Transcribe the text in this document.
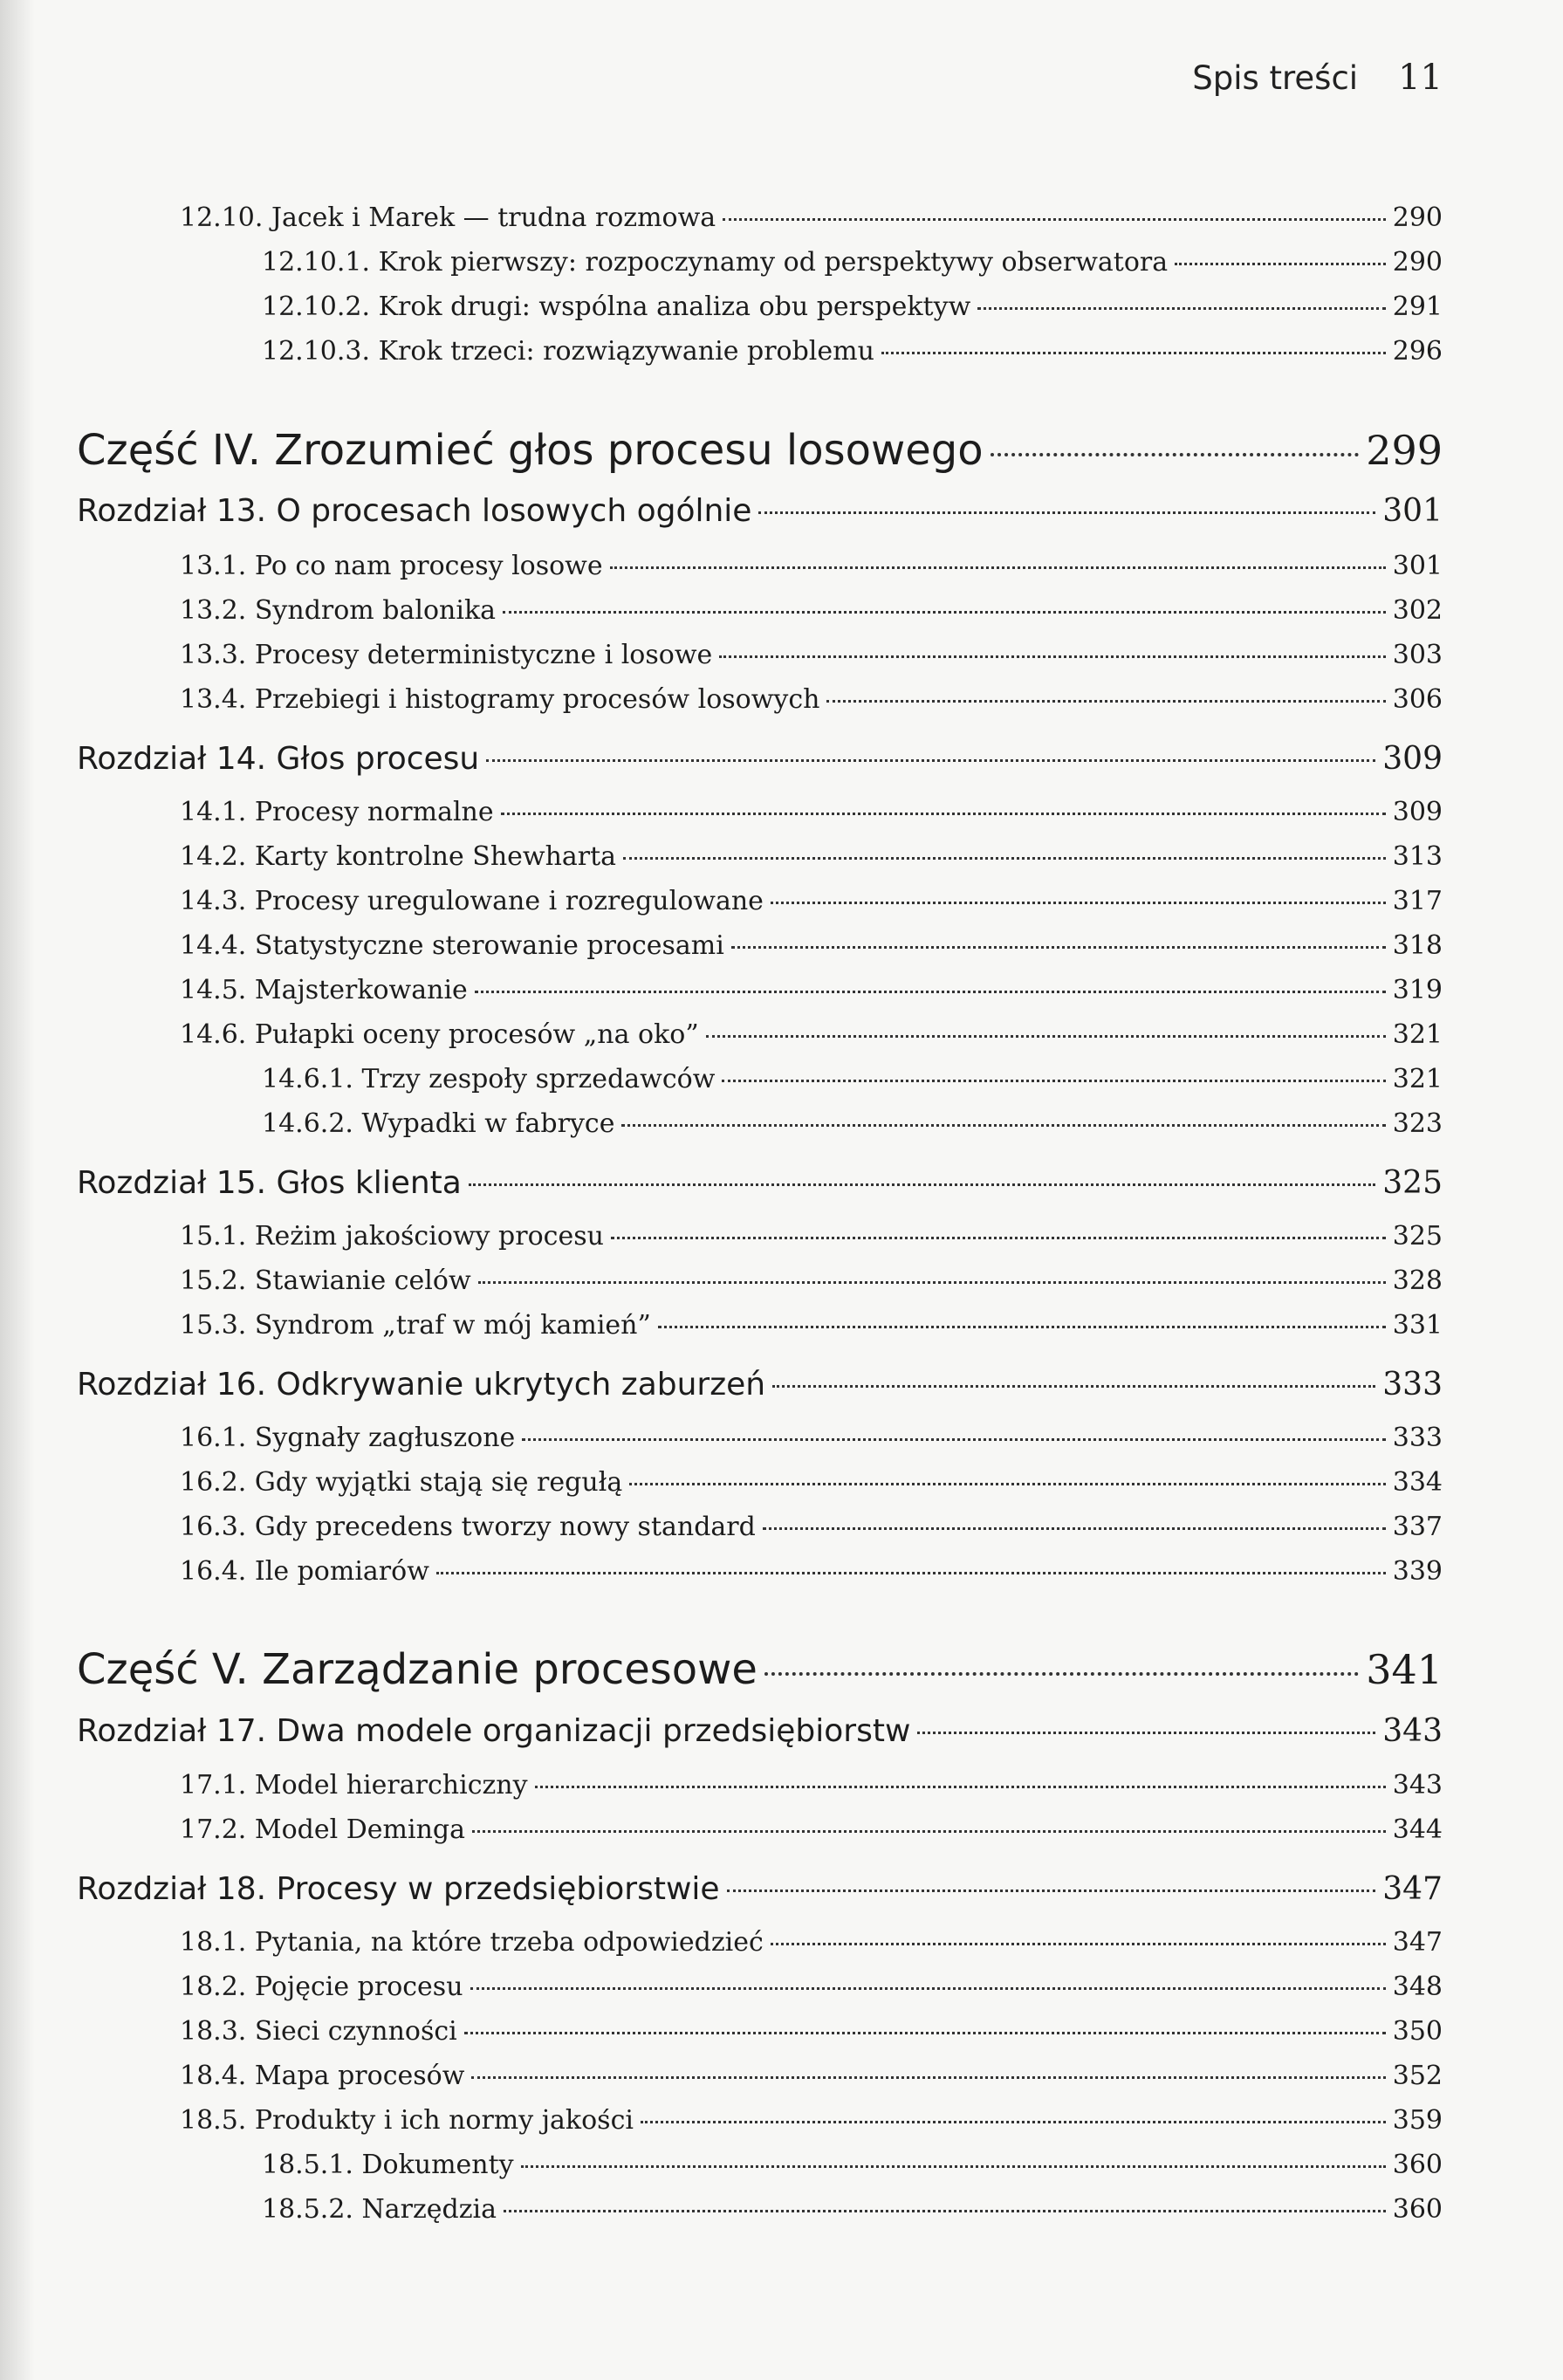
Spis treści 11
12.10. Jacek i Marek — trudna rozmowa	290
12.10.1. Krok pierwszy: rozpoczynamy od perspektywy obserwatora	290
12.10.2. Krok drugi: wspólna analiza obu perspektyw	291
12.10.3. Krok trzeci: rozwiązywanie problemu	296
Część IV. Zrozumieć głos procesu losowego	299
Rozdział 13. O procesach losowych ogólnie	301
13.1. Po co nam procesy losowe	301
13.2. Syndrom balonika	302
13.3. Procesy deterministyczne i losowe	303
13.4. Przebiegi i histogramy procesów losowych	306
Rozdział 14. Głos procesu	309
14.1. Procesy normalne	309
14.2. Karty kontrolne Shewharta	313
14.3. Procesy uregulowane i rozregulowane	317
14.4. Statystyczne sterowanie procesami	318
14.5. Majsterkowanie	319
14.6. Pułapki oceny procesów „na oko”	321
14.6.1. Trzy zespoły sprzedawców	321
14.6.2. Wypadki w fabryce	323
Rozdział 15. Głos klienta	325
15.1. Reżim jakościowy procesu	325
15.2. Stawianie celów	328
15.3. Syndrom „traf w mój kamień”	331
Rozdział 16. Odkrywanie ukrytych zaburzeń	333
16.1. Sygnały zagłuszone	333
16.2. Gdy wyjątki stają się regułą	334
16.3. Gdy precedens tworzy nowy standard	337
16.4. Ile pomiarów	339
Część V. Zarządzanie procesowe	341
Rozdział 17. Dwa modele organizacji przedsiębiorstw	343
17.1. Model hierarchiczny	343
17.2. Model Deminga	344
Rozdział 18. Procesy w przedsiębiorstwie	347
18.1. Pytania, na które trzeba odpowiedzieć	347
18.2. Pojęcie procesu	348
18.3. Sieci czynności	350
18.4. Mapa procesów	352
18.5. Produkty i ich normy jakości	359
18.5.1. Dokumenty	360
18.5.2. Narzędzia	360
